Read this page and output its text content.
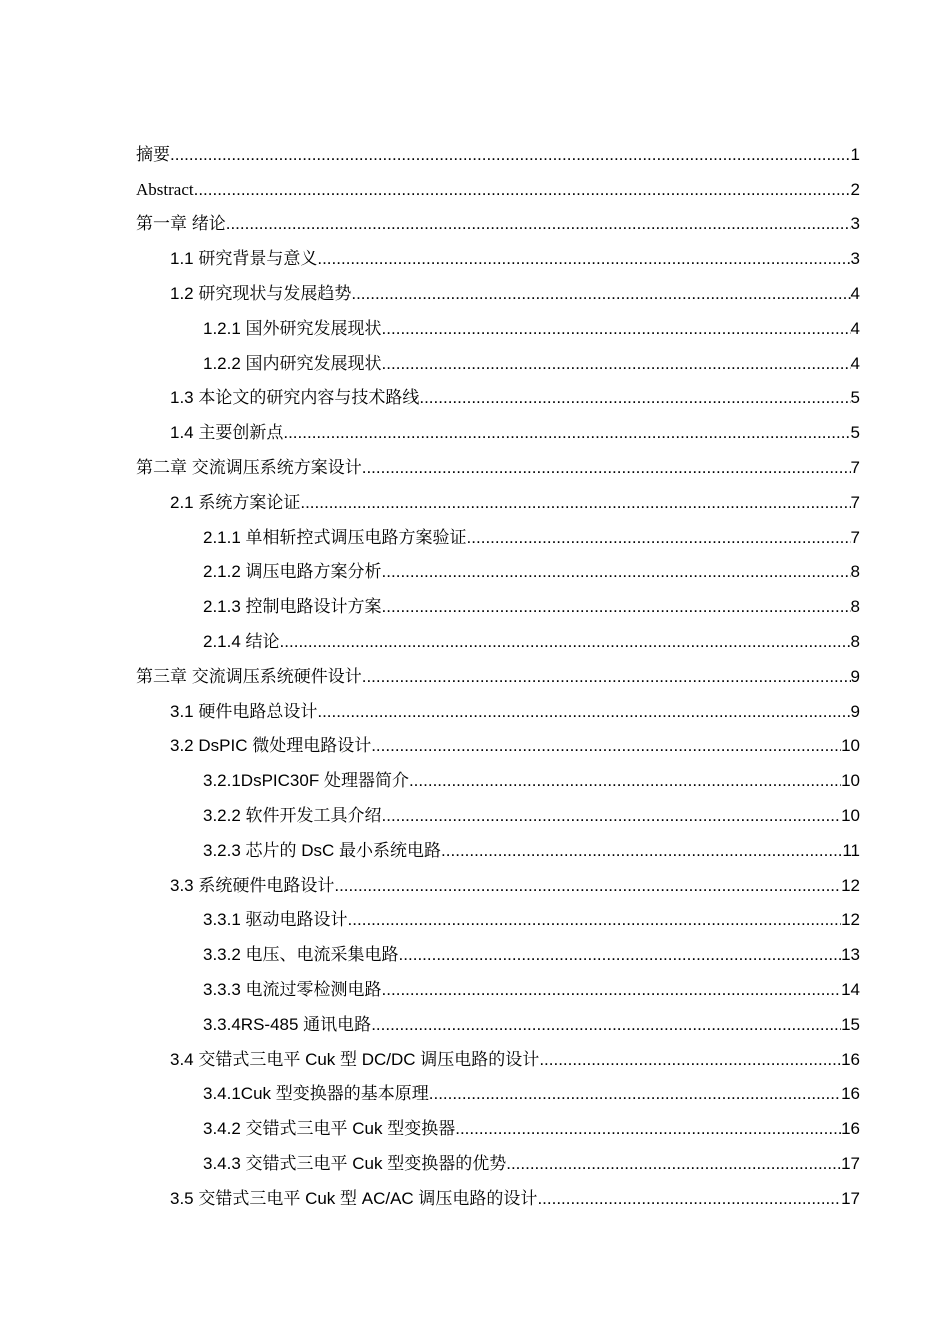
摘要 .....	1
Abstract .....	2
第一章 绪论 .....	3
1.1 研究背景与意义 .....	3
1.2 研究现状与发展趋势 .....	4
1.2.1 国外研究发展现状 .....	4
1.2.2 国内研究发展现状 .....	4
1.3 本论文的研究内容与技术路线 .....	5
1.4 主要创新点 .....	5
第二章 交流调压系统方案设计 .....	7
2.1 系统方案论证 .....	7
2.1.1 单相斩控式调压电路方案验证 .....	7
2.1.2 调压电路方案分析 .....	8
2.1.3 控制电路设计方案 .....	8
2.1.4 结论 .....	8
第三章 交流调压系统硬件设计 .....	9
3.1 硬件电路总设计 .....	9
3.2 DsPIC 微处理电路设计 .....	10
3.2.1DsPIC30F 处理器简介 .....	10
3.2.2 软件开发工具介绍 .....	10
3.2.3 芯片的 DsC 最小系统电路 .....	11
3.3 系统硬件电路设计 .....	12
3.3.1 驱动电路设计 .....	12
3.3.2 电压、电流采集电路 .....	13
3.3.3 电流过零检测电路 .....	14
3.3.4RS-485 通讯电路 .....	15
3.4 交错式三电平 Cuk 型 DC/DC 调压电路的设计 .....	16
3.4.1Cuk 型变换器的基本原理 .....	16
3.4.2 交错式三电平 Cuk 型变换器 .....	16
3.4.3 交错式三电平 Cuk 型变换器的优势 .....	17
3.5 交错式三电平 Cuk 型 AC/AC 调压电路的设计 .....	17
